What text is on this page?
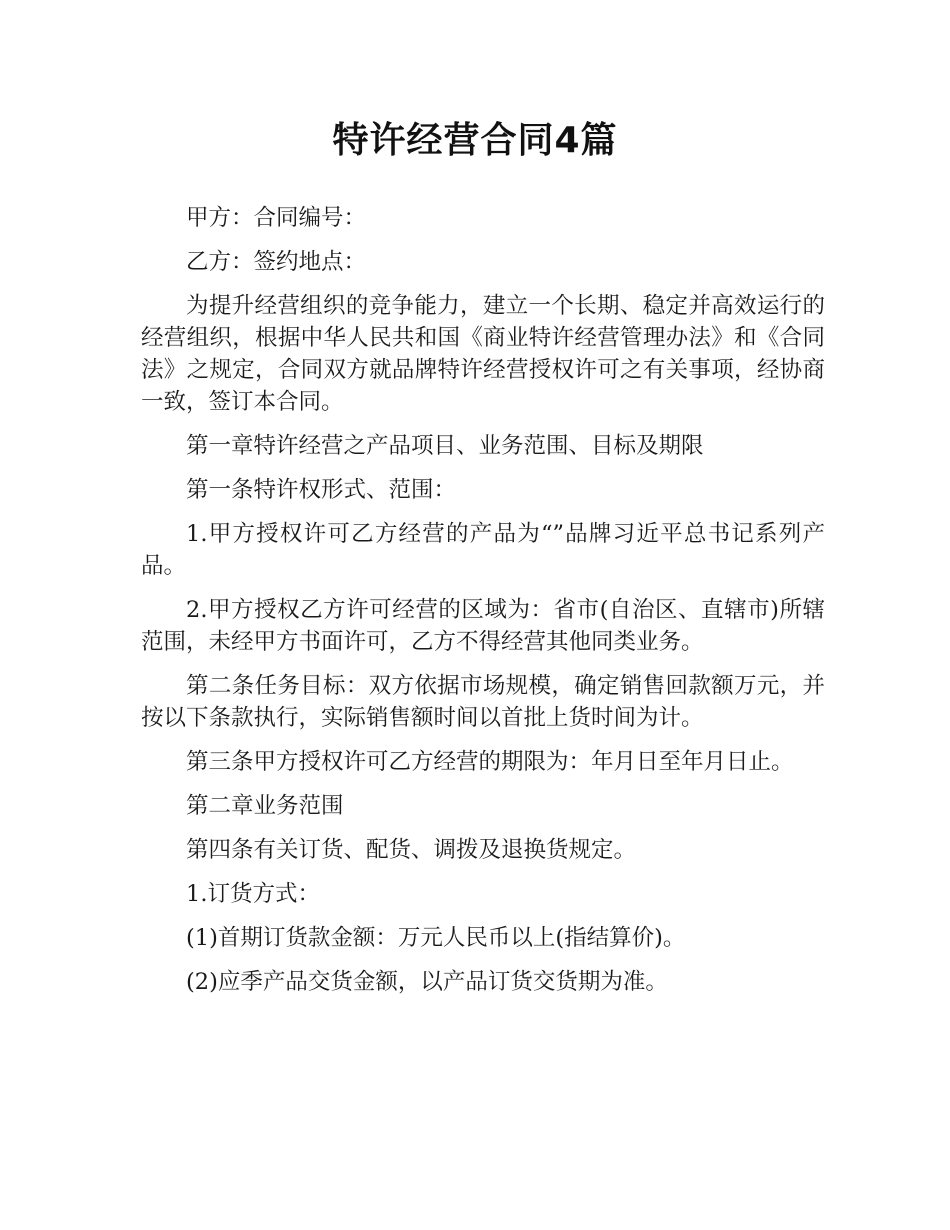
特许经营合同4篇

甲方：合同编号：

乙方：签约地点：

为提升经营组织的竞争能力，建立一个长期、稳定并高效运行的经营组织，根据中华人民共和国《商业特许经营管理办法》和《合同法》之规定，合同双方就品牌特许经营授权许可之有关事项，经协商一致，签订本合同。

第一章特许经营之产品项目、业务范围、目标及期限

第一条特许权形式、范围：

1.甲方授权许可乙方经营的产品为“”品牌习近平总书记系列产品。

2.甲方授权乙方许可经营的区域为：省市(自治区、直辖市)所辖范围，未经甲方书面许可，乙方不得经营其他同类业务。

第二条任务目标：双方依据市场规模，确定销售回款额万元，并按以下条款执行，实际销售额时间以首批上货时间为计。

第三条甲方授权许可乙方经营的期限为：年月日至年月日止。

第二章业务范围

第四条有关订货、配货、调拨及退换货规定。

1.订货方式：

(1)首期订货款金额：万元人民币以上(指结算价)。

(2)应季产品交货金额，以产品订货交货期为准。
